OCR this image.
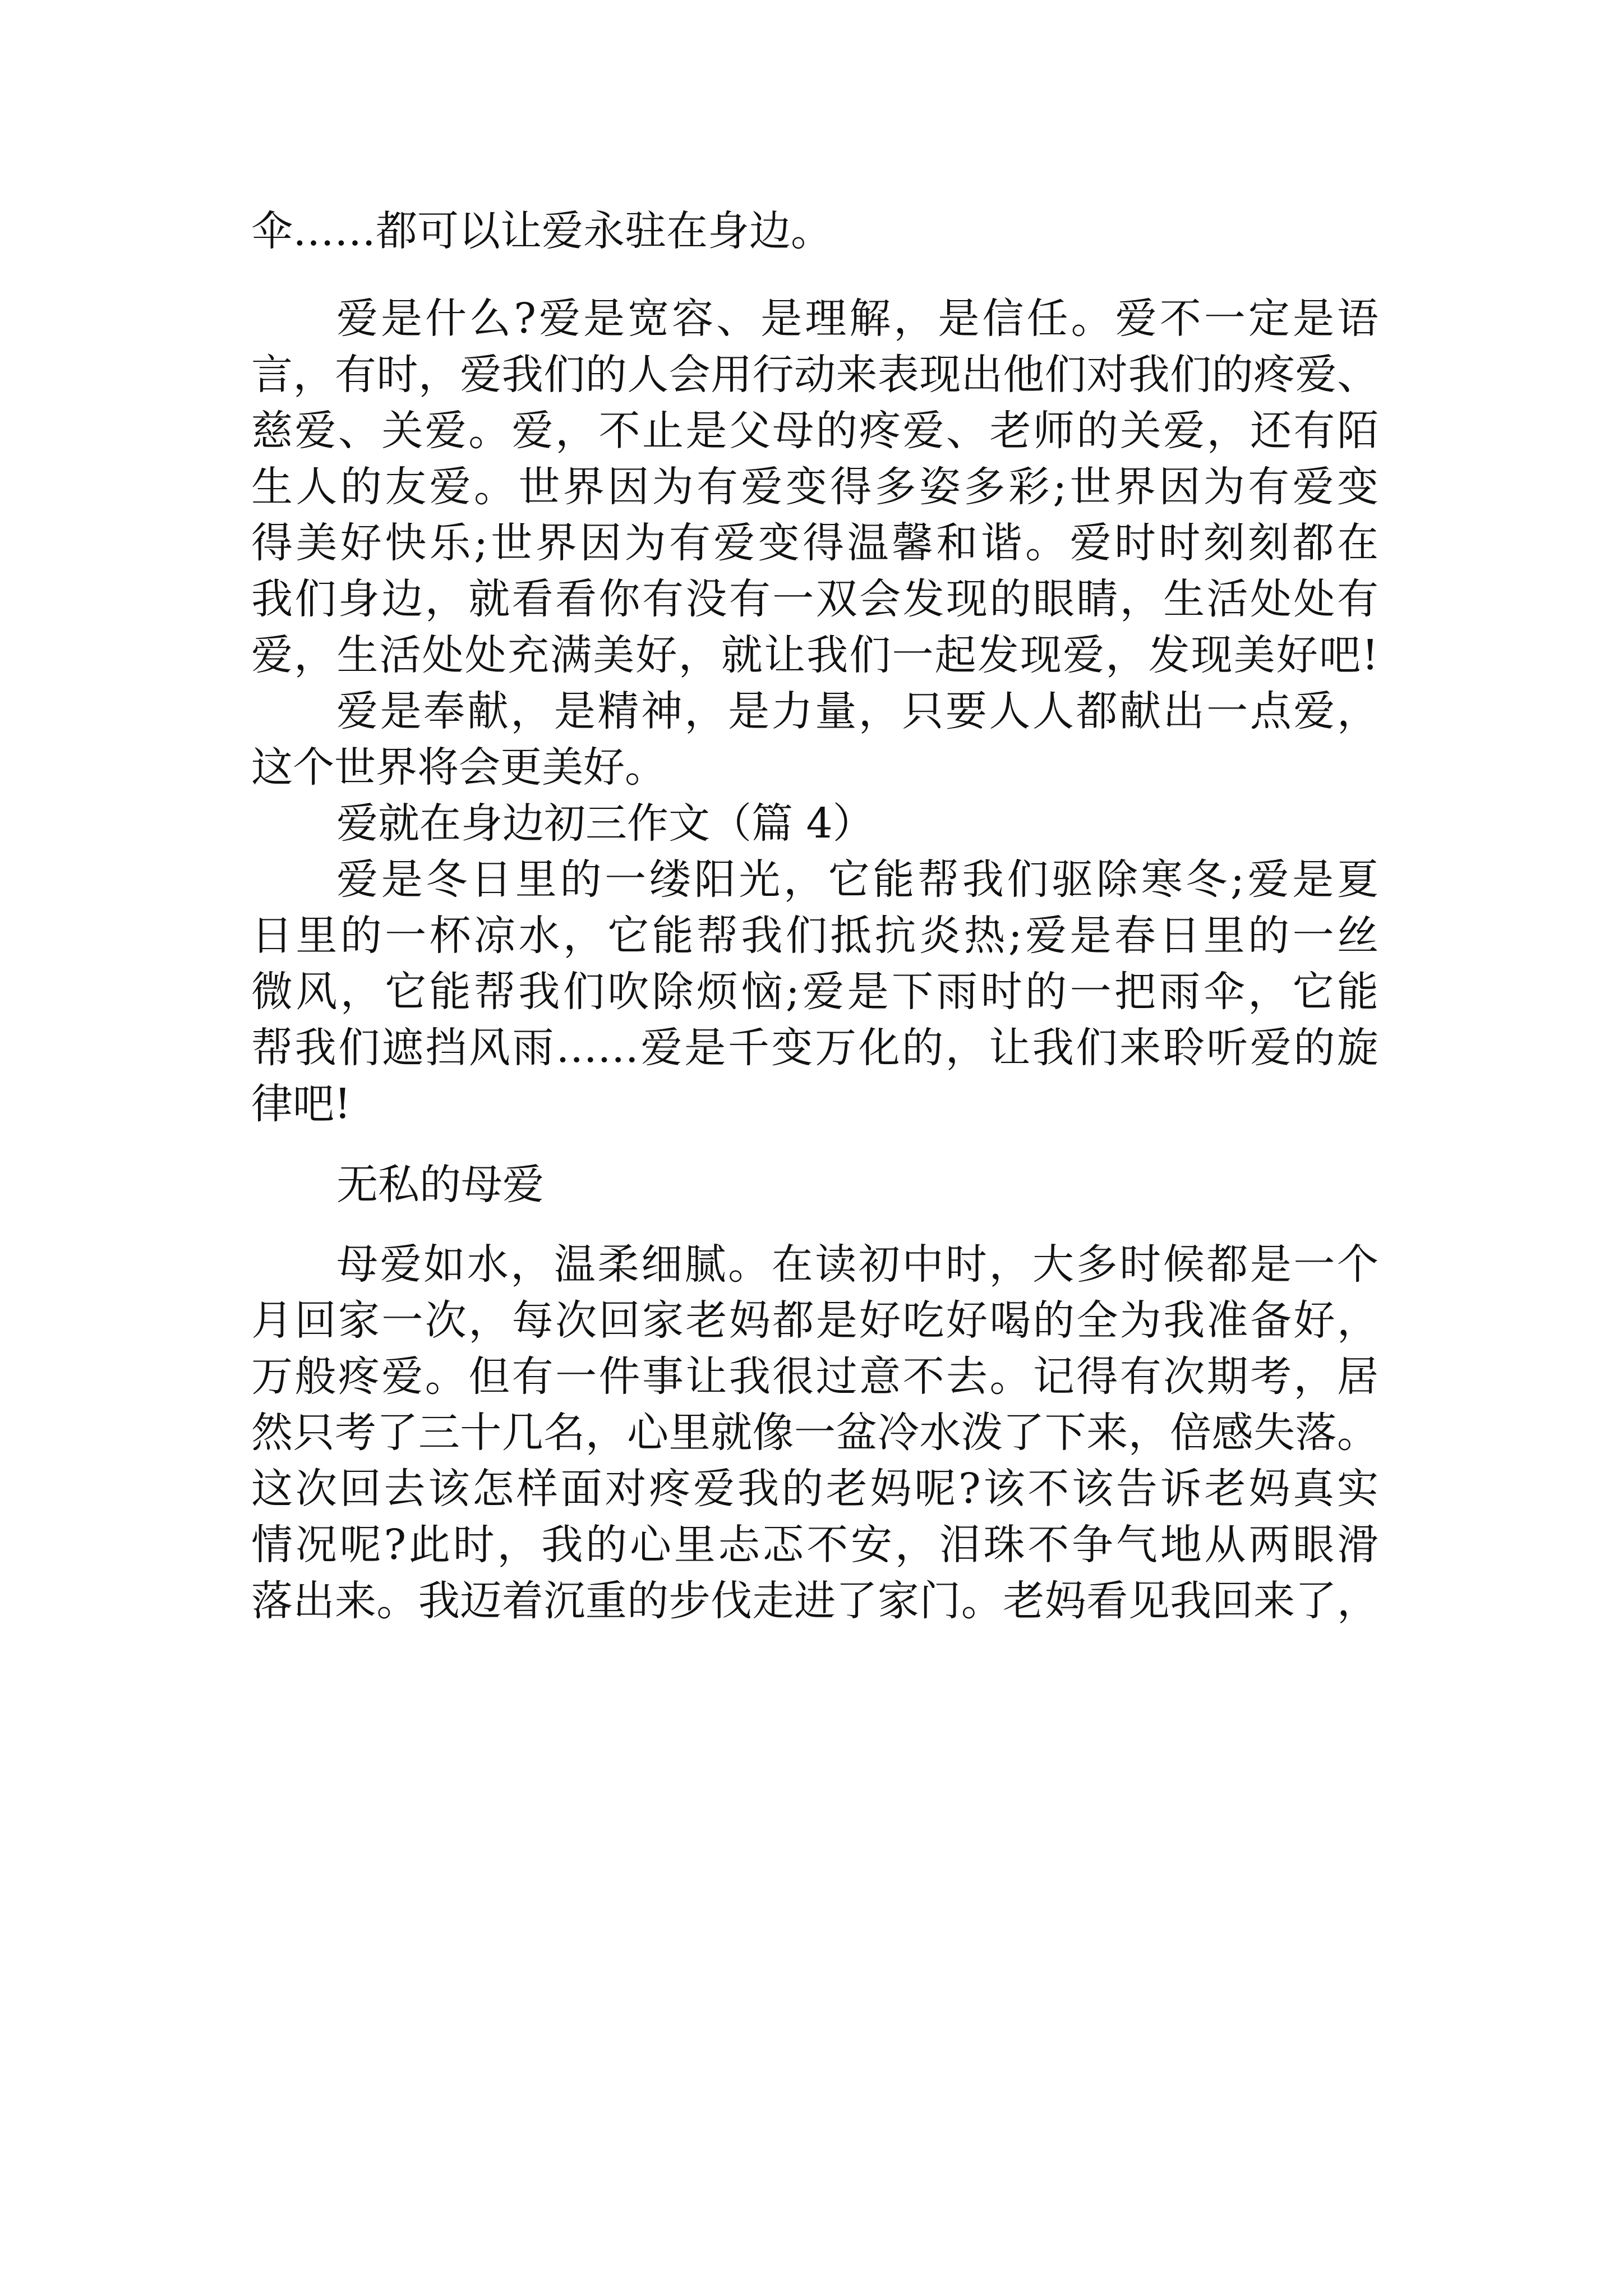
伞……都可以让爱永驻在身边。
爱是什么?爱是宽容、是理解，是信任。爱不一定是语
言，有时，爱我们的人会用行动来表现出他们对我们的疼爱、
慈爱、关爱。爱，不止是父母的疼爱、老师的关爱，还有陌
生人的友爱。世界因为有爱变得多姿多彩;世界因为有爱变
得美好快乐;世界因为有爱变得温馨和谐。爱时时刻刻都在
我们身边，就看看你有没有一双会发现的眼睛，生活处处有
爱，生活处处充满美好，就让我们一起发现爱，发现美好吧!
爱是奉献，是精神，是力量，只要人人都献出一点爱，
这个世界将会更美好。
爱就在身边初三作文（篇 4）
爱是冬日里的一缕阳光，它能帮我们驱除寒冬;爱是夏
日里的一杯凉水，它能帮我们抵抗炎热;爱是春日里的一丝
微风，它能帮我们吹除烦恼;爱是下雨时的一把雨伞，它能
帮我们遮挡风雨……爱是千变万化的，让我们来聆听爱的旋
律吧!
无私的母爱
母爱如水，温柔细腻。在读初中时，大多时候都是一个
月回家一次，每次回家老妈都是好吃好喝的全为我准备好，
万般疼爱。但有一件事让我很过意不去。记得有次期考，居
然只考了三十几名，心里就像一盆冷水泼了下来，倍感失落。
这次回去该怎样面对疼爱我的老妈呢?该不该告诉老妈真实
情况呢?此时，我的心里忐忑不安，泪珠不争气地从两眼滑
落出来。我迈着沉重的步伐走进了家门。老妈看见我回来了，
